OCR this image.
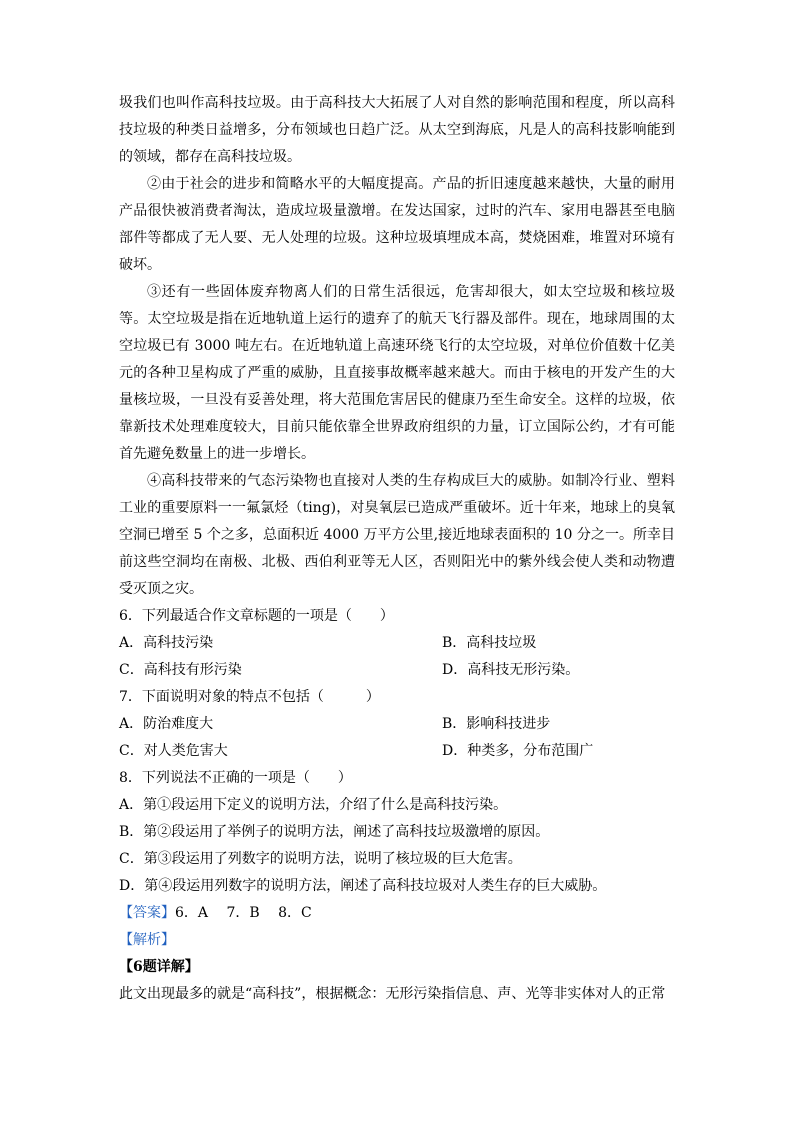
圾我们也叫作高科技垃圾。由于高科技大大拓展了人对自然的影响范围和程度，所以高科技垃圾的种类日益增多，分布领域也日趋广泛。从太空到海底，凡是人的高科技影响能到的领域，都存在高科技垃圾。

②由于社会的进步和简略水平的大幅度提高。产品的折旧速度越来越快，大量的耐用产品很快被消费者淘汰，造成垃圾量激增。在发达国家，过时的汽车、家用电器甚至电脑部件等都成了无人要、无人处理的垃圾。这种垃圾填埋成本高，焚烧困难，堆置对环境有破坏。

③还有一些固体废弃物离人们的日常生活很远，危害却很大，如太空垃圾和核垃圾等。太空垃圾是指在近地轨道上运行的遗弃了的航天飞行器及部件。现在，地球周围的太空垃圾已有 3000 吨左右。在近地轨道上高速环绕飞行的太空垃圾，对单位价值数十亿美元的各种卫星构成了严重的威胁，且直接事故概率越来越大。而由于核电的开发产生的大量核垃圾，一旦没有妥善处理，将大范围危害居民的健康乃至生命安全。这样的垃圾，依靠新技术处理难度较大，目前只能依靠全世界政府组织的力量，订立国际公约，才有可能首先避免数量上的进一步增长。

④高科技带来的气态污染物也直接对人类的生存构成巨大的威胁。如制冷行业、塑料工业的重要原料一一氟氯烃（ting)，对臭氧层已造成严重破坏。近十年来，地球上的臭氧空洞已增至 5 个之多，总面积近 4000 万平方公里,接近地球表面积的 10 分之一。所幸目前这些空洞均在南极、北极、西伯利亚等无人区，否则阳光中的紫外线会使人类和动物遭受灭顶之灾。

6．下列最适合作文章标题的一项是（　　）

A．高科技污染	B．高科技垃圾
C．高科技有形污染	D．高科技无形污染。

7．下面说明对象的特点不包括（　　　）

A．防治难度大	B．影响科技进步
C．对人类危害大	D．种类多，分布范围广

8．下列说法不正确的一项是（　　）

A．第①段运用下定义的说明方法，介绍了什么是高科技污染。

B．第②段运用了举例子的说明方法，阐述了高科技垃圾激增的原因。

C．第③段运用了列数字的说明方法，说明了核垃圾的巨大危害。

D．第④段运用列数字的说明方法，阐述了高科技垃圾对人类生存的巨大威胁。

【答案】6．A　 7．B　 8．C

【解析】

【6题详解】

此文出现最多的就是“高科技”，根据概念：无形污染指信息、声、光等非实体对人的正常
